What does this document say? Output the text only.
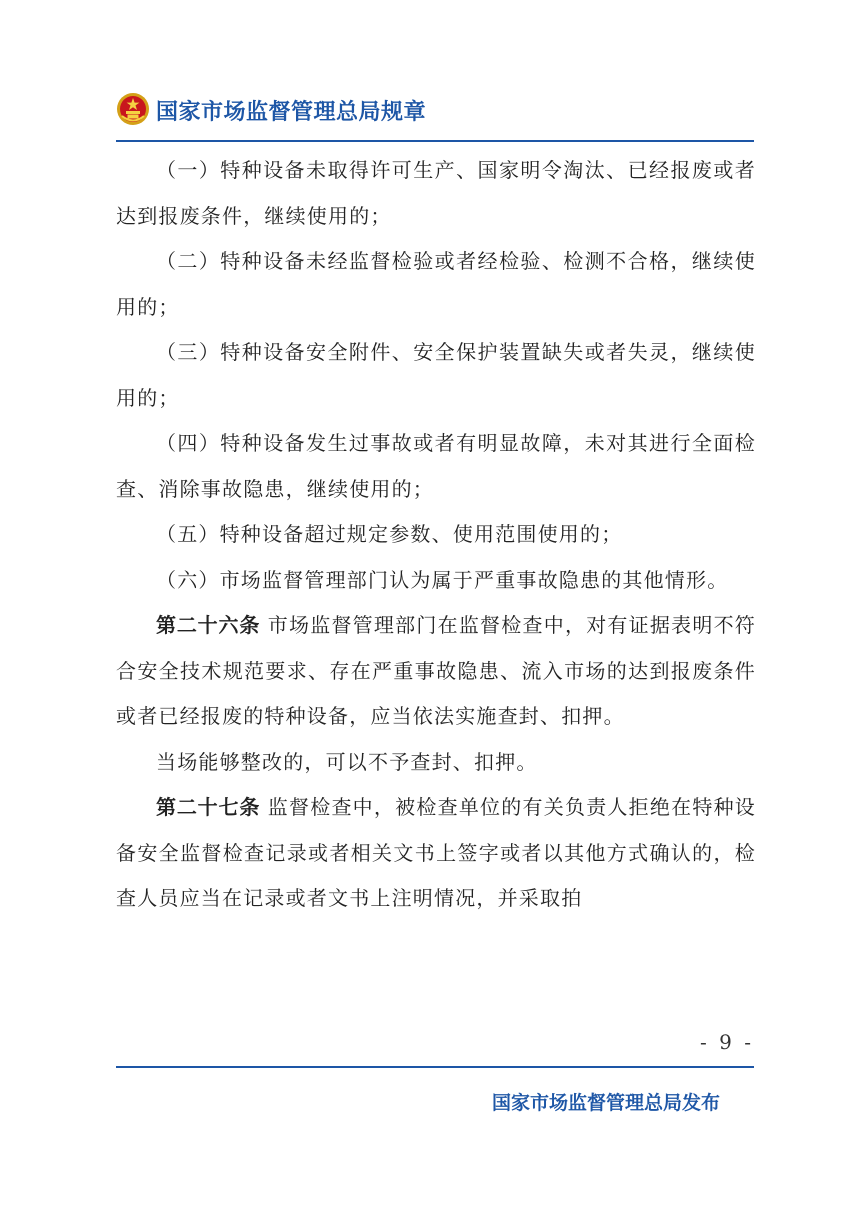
国家市场监督管理总局规章

（一）特种设备未取得许可生产、国家明令淘汰、已经报废或者达到报废条件，继续使用的；

（二）特种设备未经监督检验或者经检验、检测不合格，继续使用的；

（三）特种设备安全附件、安全保护装置缺失或者失灵，继续使用的；

（四）特种设备发生过事故或者有明显故障，未对其进行全面检查、消除事故隐患，继续使用的；

（五）特种设备超过规定参数、使用范围使用的；

（六）市场监督管理部门认为属于严重事故隐患的其他情形。

第二十六条 市场监督管理部门在监督检查中，对有证据表明不符合安全技术规范要求、存在严重事故隐患、流入市场的达到报废条件或者已经报废的特种设备，应当依法实施查封、扣押。

当场能够整改的，可以不予查封、扣押。

第二十七条 监督检查中，被检查单位的有关负责人拒绝在特种设备安全监督检查记录或者相关文书上签字或者以其他方式确认的，检查人员应当在记录或者文书上注明情况，并采取拍

- 9 -
国家市场监督管理总局发布
